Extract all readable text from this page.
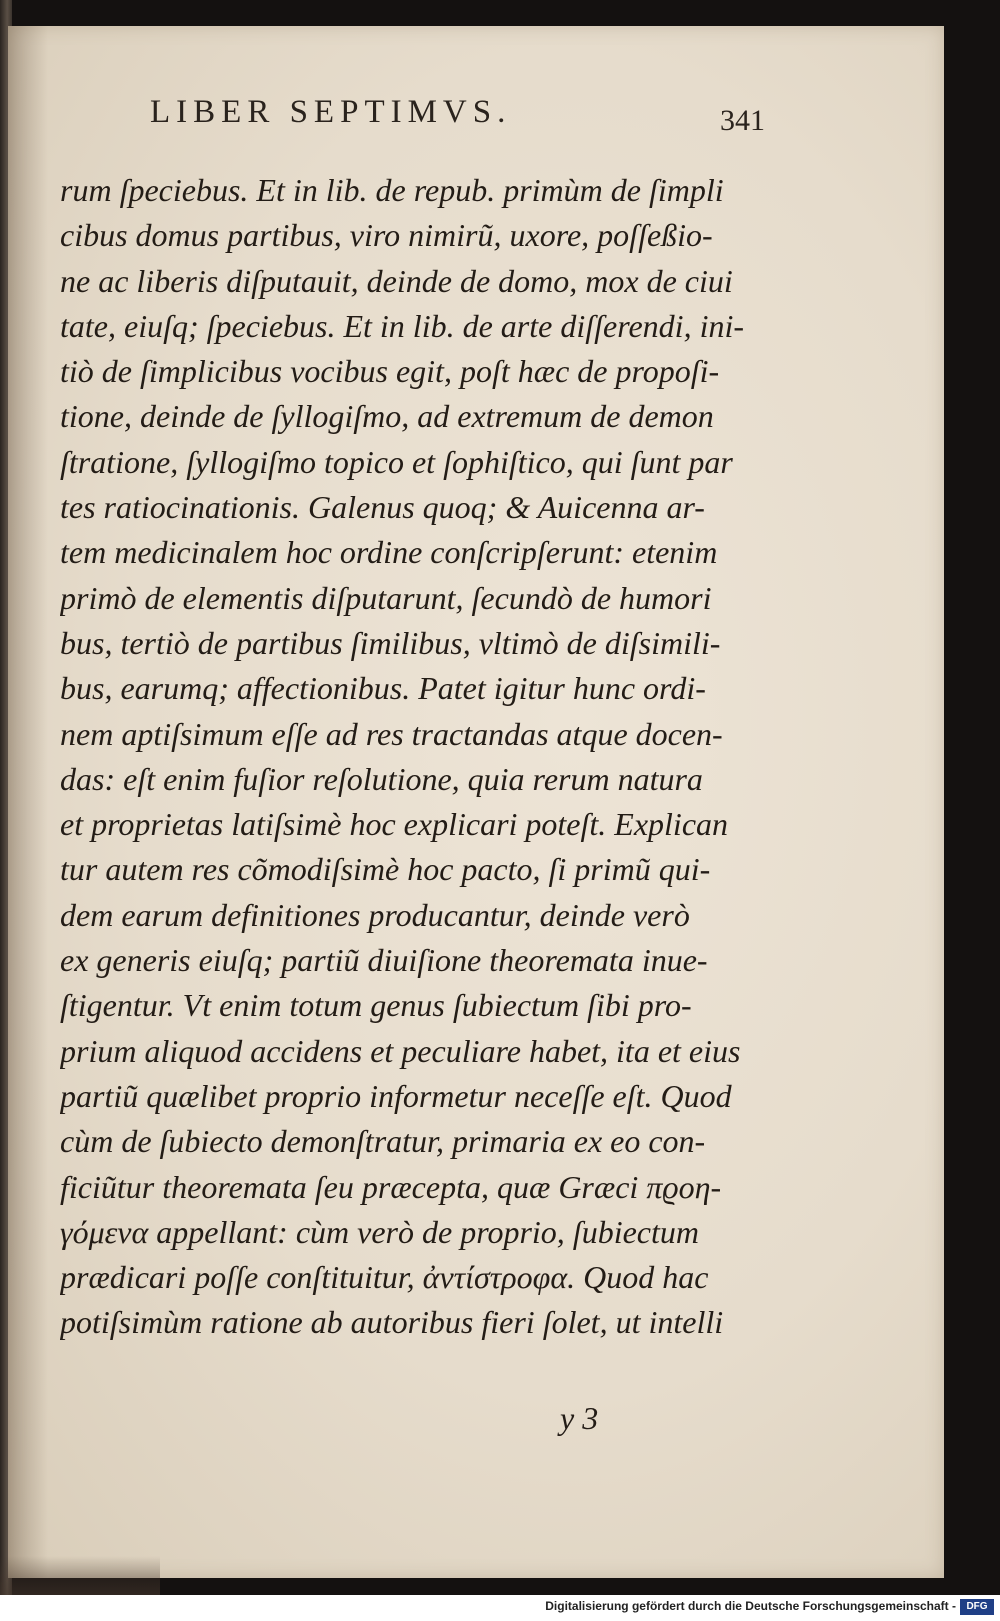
LIBER SEPTIMVS.	341
rum ſpeciebus. Et in lib. de repub. primùm de ſimpli
cibus domus partibus, viro nimirũ, uxore, poſſeßio-
ne ac liberis diſputauit, deinde de domo, mox de ciui
tate, eiuſq; ſpeciebus. Et in lib. de arte diſſerendi, ini-
tiò de ſimplicibus vocibus egit, poſt hæc de propoſi-
tione, deinde de ſyllogiſmo, ad extremum de demon
ſtratione, ſyllogiſmo topico et ſophiſtico, qui ſunt par
tes ratiocinationis. Galenus quoq; & Auicenna ar-
tem medicinalem hoc ordine conſcripſerunt: etenim
primò de elementis diſputarunt, ſecundò de humori
bus, tertiò de partibus ſimilibus, vltimò de diſsimili-
bus, earumq; affectionibus. Patet igitur hunc ordi-
nem aptiſsimum eſſe ad res tractandas atque docen-
das: eſt enim fuſior reſolutione, quia rerum natura
et proprietas latiſsimè hoc explicari poteſt. Explican
tur autem res cõmodiſsimè hoc pacto, ſi primũ qui-
dem earum definitiones producantur, deinde verò
ex generis eiuſq; partiũ diuiſione theoremata inue-
ſtigentur. Vt enim totum genus ſubiectum ſibi pro-
prium aliquod accidens et peculiare habet, ita et eius
partiũ quælibet proprio informetur neceſſe eſt. Quod
cùm de ſubiecto demonſtratur, primaria ex eo con-
ficiũtur theoremata ſeu præcepta, quæ Græci πϱοη-
γόμενα appellant: cùm verò de proprio, ſubiectum
prædicari poſſe conſtituitur, ἀντίστροφα. Quod hac
potiſsimùm ratione ab autoribus fieri ſolet, ut intelli
y 3
Digitalisierung gefördert durch die Deutsche Forschungsgemeinschaft -	DFG
